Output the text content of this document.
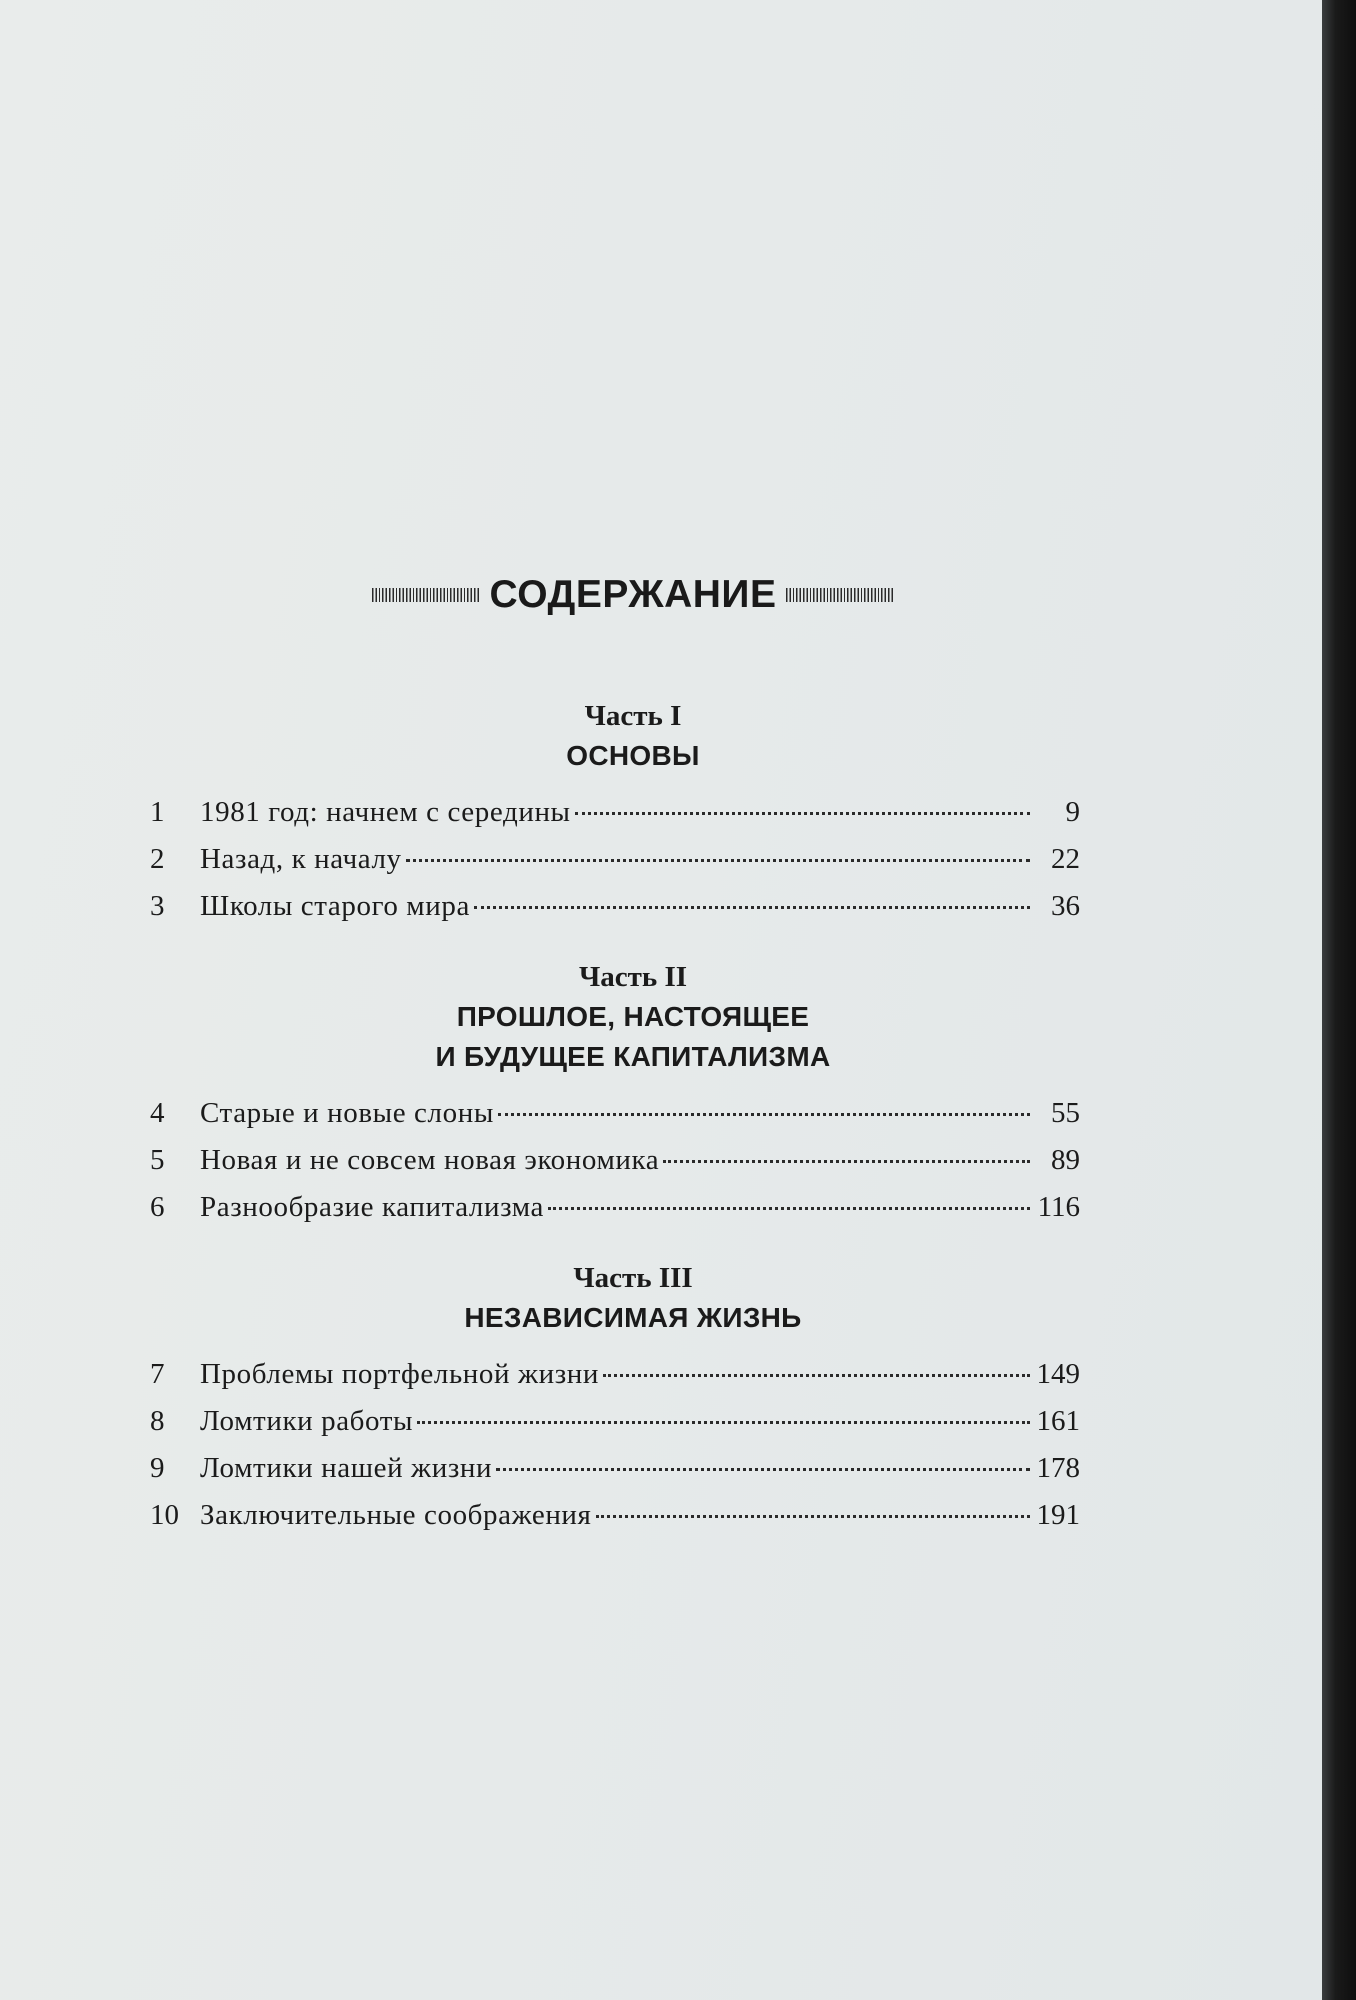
СОДЕРЖАНИЕ
Часть I
ОСНОВЫ
1	1981 год: начнем с середины	9
2	Назад, к началу	22
3	Школы старого мира	36
Часть II
ПРОШЛОЕ, НАСТОЯЩЕЕ
И БУДУЩЕЕ КАПИТАЛИЗМА
4	Старые и новые слоны	55
5	Новая и не совсем новая экономика	89
6	Разнообразие капитализма	116
Часть III
НЕЗАВИСИМАЯ ЖИЗНЬ
7	Проблемы портфельной жизни	149
8	Ломтики работы	161
9	Ломтики нашей жизни	178
10 Заключительные соображения	191
